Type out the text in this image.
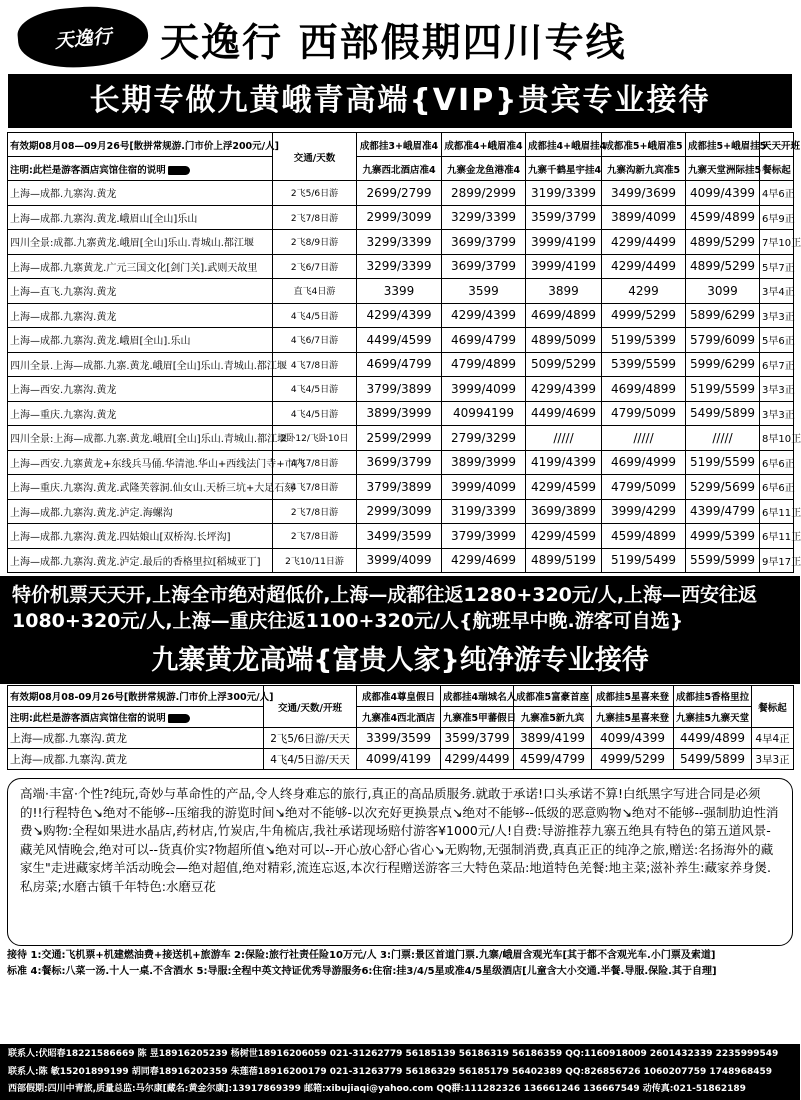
天逸行	天逸行 西部假期四川专线
长期专做九黄峨青高端{VIP}贵宾专业接待
有效期08月08—09月26号[散拼常规游.门市价上浮200元/人]	交通/天数	成都挂3+峨眉准4	成都准4+峨眉准4	成都挂4+峨眉挂4	成都准5+峨眉准5	成都挂5+峨眉挂5	天天开班
注明:此栏是游客酒店宾馆住宿的说明		九寨西北酒店准4	九寨金龙鱼港准4	九寨千鹤星宇挂4	九寨沟新九宾准5	九寨天堂洲际挂5	餐标起
上海—成都.九寨沟.黄龙	2飞5/6日游	2699/2799	2899/2999	3199/3399	3499/3699	4099/4399	4早6正
上海—成都.九寨沟.黄龙.峨眉山[全山]乐山	2飞7/8日游	2999/3099	3299/3399	3599/3799	3899/4099	4599/4899	6早9正
四川全景:成都.九寨黄龙.峨眉[全山]乐山.青城山.都江堰	2飞8/9日游	3299/3399	3699/3799	3999/4199	4299/4499	4899/5299	7早10正
上海—成都.九寨黄龙.广元三国文化[剑门关].武则天故里	2飞6/7日游	3299/3399	3699/3799	3999/4199	4299/4499	4899/5299	5早7正
上海—直飞.九寨沟.黄龙	直飞4日游	3399	3599	3899	4299	3099	3早4正
上海—成都.九寨沟.黄龙	4飞4/5日游	4299/4399	4299/4399	4699/4899	4999/5299	5899/6299	3早3正
上海—成都.九寨沟.黄龙.峨眉[全山].乐山	4飞6/7日游	4499/4599	4699/4799	4899/5099	5199/5399	5799/6099	5早6正
四川全景.上海—成都.九寨.黄龙.峨眉[全山]乐山.青城山.都江堰	4飞7/8日游	4699/4799	4799/4899	5099/5299	5399/5599	5999/6299	6早7正
上海—西安.九寨沟.黄龙	4飞4/5日游	3799/3899	3999/4099	4299/4399	4699/4899	5199/5599	3早3正
上海—重庆.九寨沟.黄龙	4飞4/5日游	3899/3999	40994199	4499/4699	4799/5099	5499/5899	3早3正
四川全景:上海—成都.九寨.黄龙.峨眉[全山]乐山.青城山.都江堰	2卧12/飞卧10日	2599/2999	2799/3299	/////	/////	/////	8早10正
上海—西安.九寨黄龙+东线兵马俑.华清池.华山+西线法门寺+市内	4飞7/8日游	3699/3799	3899/3999	4199/4399	4699/4999	5199/5599	6早6正
上海—重庆.九寨沟.黄龙.武隆芙蓉洞.仙女山.天桥三坑+大足石刻	4飞7/8日游	3799/3899	3999/4099	4299/4599	4799/5099	5299/5699	6早6正
上海—成都.九寨沟.黄龙.泸定.海螺沟	2飞7/8日游	2999/3099	3199/3399	3699/3899	3999/4299	4399/4799	6早11正
上海—成都.九寨沟.黄龙.四姑娘山[双桥沟.长坪沟]	2飞7/8日游	3499/3599	3799/3999	4299/4599	4599/4899	4999/5399	6早11正
上海—成都.九寨沟.黄龙.泸定.最后的香格里拉[稻城亚丁]	2飞10/11日游	3999/4099	4299/4699	4899/5199	5199/5499	5599/5999	9早17正
特价机票天天开,上海全市绝对超低价,上海—成都往返1280+320元/人,上海—西安往返1080+320元/人,上海—重庆往返1100+320元/人{航班早中晚.游客可自选}
九寨黄龙高端{富贵人家}纯净游专业接待
有效期08月08-09月26号[散拼常规游.门市价上浮300元/人]	交通/天数/开班	成都准4尊皇假日	成都挂4瑞城名人	成都准5富豪首座	成都挂5星喜来登	成都挂5香格里拉	餐标起
注明:此栏是游客酒店宾馆住宿的说明		九寨准4西北酒店	九寨准5甲蕃假日	九寨准5新九宾	九寨挂5星喜来登	九寨挂5九寨天堂	
上海—成都.九寨沟.黄龙	2飞5/6日游/天天	3399/3599	3599/3799	3899/4199	4099/4399	4499/4899	4早4正
上海—成都.九寨沟.黄龙	4飞4/5日游/天天	4099/4199	4299/4499	4599/4799	4999/5299	5499/5899	3早3正
高端·丰富·个性?纯玩,奇妙与革命性的产品,令人终身难忘的旅行,真正的高品质服务.就敢于承诺!口头承诺不算!白纸黑字写进合同是必须的!!行程特色↘绝对不能够--压缩我的游览时间↘绝对不能够-以次充好更换景点↘绝对不能够--低级的恶意购物↘绝对不能够--强制肋迫性消费↘购物:全程如果进水晶店,药材店,竹炭店,牛角梳店,我社承诺现场赔付游客¥1000元/人!自费:导游推荐九寨五绝具有特色的第五道风景-藏羌风情晚会,绝对可以--货真价实?物超所值↘绝对可以--开心放心舒心省心↘无购物,无强制消费,真真正正的纯净之旅,赠送:名扬海外的藏家生"走进藏家烤羊活动晚会—绝对超值,绝对精彩,流连忘返,本次行程赠送游客三大特色菜品:地道特色羌餐:地主菜;滋补养生:藏家养身煲.私房菜;水磨古镇千年特色:水磨豆花
接待 1:交通:飞机票+机建燃油费+接送机+旅游车 2:保险:旅行社责任险10万元/人 3:门票:景区首道门票.九寨/峨眉含观光车[其于都不含观光车.小门票及索道]
标准 4:餐标:八菜一汤.十人一桌.不含酒水 5:导服:全程中英文持证优秀导游服务6:住宿:挂3/4/5星或准4/5星级酒店[儿童含大小交通.半餐.导服.保险.其于自理]
联系人:伏昭春18221586669 陈 昱18916205239 杨树世18916206059 021-31262779 56185139 56186319 56186359 QQ:1160918009 2601432339 2235999549
联系人:陈 敏15201899199 胡同春18916202359 朱莲蓓18916200179 021-31263779 56186329 56185179 56402389 QQ:826856726 1060207759 1748968459
西部假期:四川中青旅,质量总监:马尔康[藏名:黄金尔康]:13917869399 邮箱:xibujiaqi@yahoo.com QQ群:111282326 136661246 136667549 动传真:021-51862189
